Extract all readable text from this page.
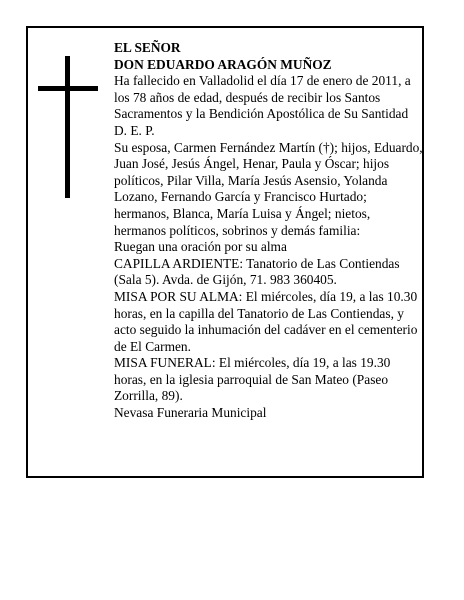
EL SEÑOR

DON EDUARDO ARAGÓN MUÑOZ

Ha fallecido en Valladolid el día 17 de enero de 2011, a los 78 años de edad, después de recibir los Santos Sacramentos y la Bendición Apostólica de Su Santidad D. E. P.

Su esposa, Carmen Fernández Martín (†); hijos, Eduardo, Juan José, Jesús Ángel, Henar, Paula y Óscar; hijos políticos, Pilar Villa, María Jesús Asensio, Yolanda Lozano, Fernando García y Francisco Hurtado; hermanos, Blanca, María Luisa y Ángel; nietos, hermanos políticos, sobrinos y demás familia:

Ruegan una oración por su alma

CAPILLA ARDIENTE: Tanatorio de Las Contiendas (Sala 5). Avda. de Gijón, 71. 983 360405.

MISA POR SU ALMA: El miércoles, día 19, a las 10.30 horas, en la capilla del Tanatorio de Las Contiendas, y acto seguido la inhumación del cadáver en el cementerio de El Carmen.

MISA FUNERAL: El miércoles, día 19, a las 19.30 horas, en la iglesia parroquial de San Mateo (Paseo Zorrilla, 89).

Nevasa Funeraria Municipal
